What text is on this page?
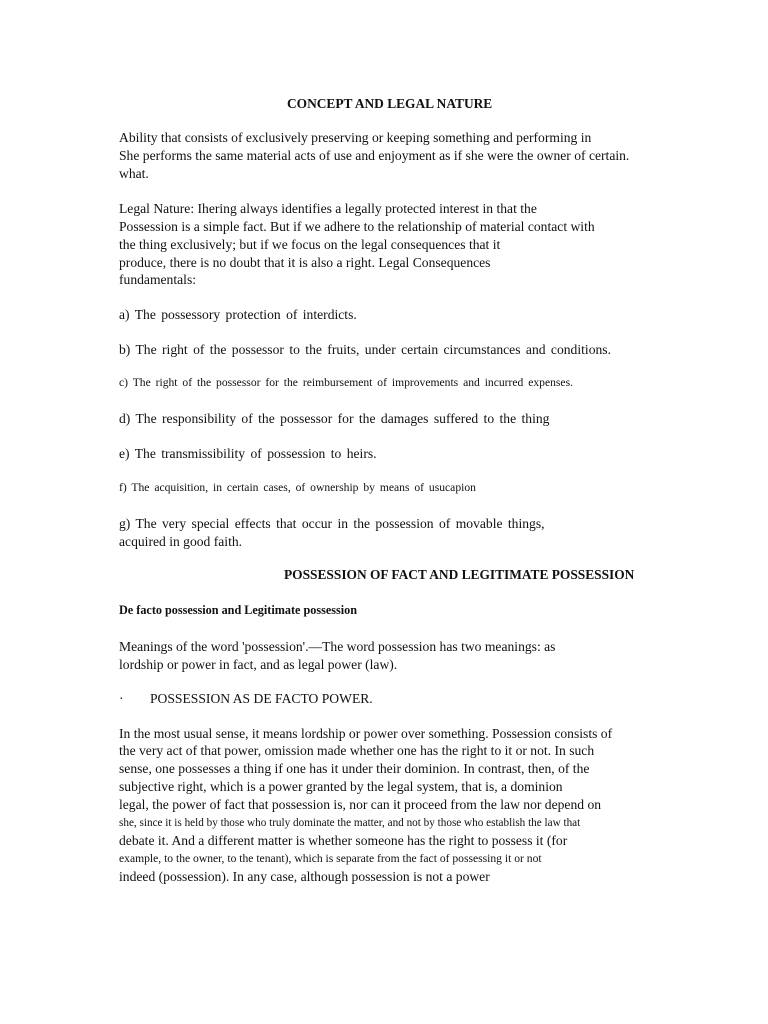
CONCEPT AND LEGAL NATURE
Ability that consists of exclusively preserving or keeping something and performing in
She performs the same material acts of use and enjoyment as if she were the owner of certain.
what.
Legal Nature: Ihering always identifies a legally protected interest in that the
Possession is a simple fact. But if we adhere to the relationship of material contact with
the thing exclusively; but if we focus on the legal consequences that it
produce, there is no doubt that it is also a right. Legal Consequences
fundamentals:
a) The possessory protection of interdicts.
b) The right of the possessor to the fruits, under certain circumstances and conditions.
c) The right of the possessor for the reimbursement of improvements and incurred expenses.
d) The responsibility of the possessor for the damages suffered to the thing
e) The transmissibility of possession to heirs.
f) The acquisition, in certain cases, of ownership by means of usucapion
g) The very special effects that occur in the possession of movable things,
acquired in good faith.
POSSESSION OF FACT AND LEGITIMATE POSSESSION
De facto possession and Legitimate possession
Meanings of the word 'possession'.—The word possession has two meanings: as
lordship or power in fact, and as legal power (law).
· POSSESSION AS DE FACTO POWER.
In the most usual sense, it means lordship or power over something. Possession consists of
the very act of that power, omission made whether one has the right to it or not. In such
sense, one possesses a thing if one has it under their dominion. In contrast, then, of the
subjective right, which is a power granted by the legal system, that is, a dominion
legal, the power of fact that possession is, nor can it proceed from the law nor depend on
she, since it is held by those who truly dominate the matter, and not by those who establish the law that
debate it. And a different matter is whether someone has the right to possess it (for
example, to the owner, to the tenant), which is separate from the fact of possessing it or not
indeed (possession). In any case, although possession is not a power
